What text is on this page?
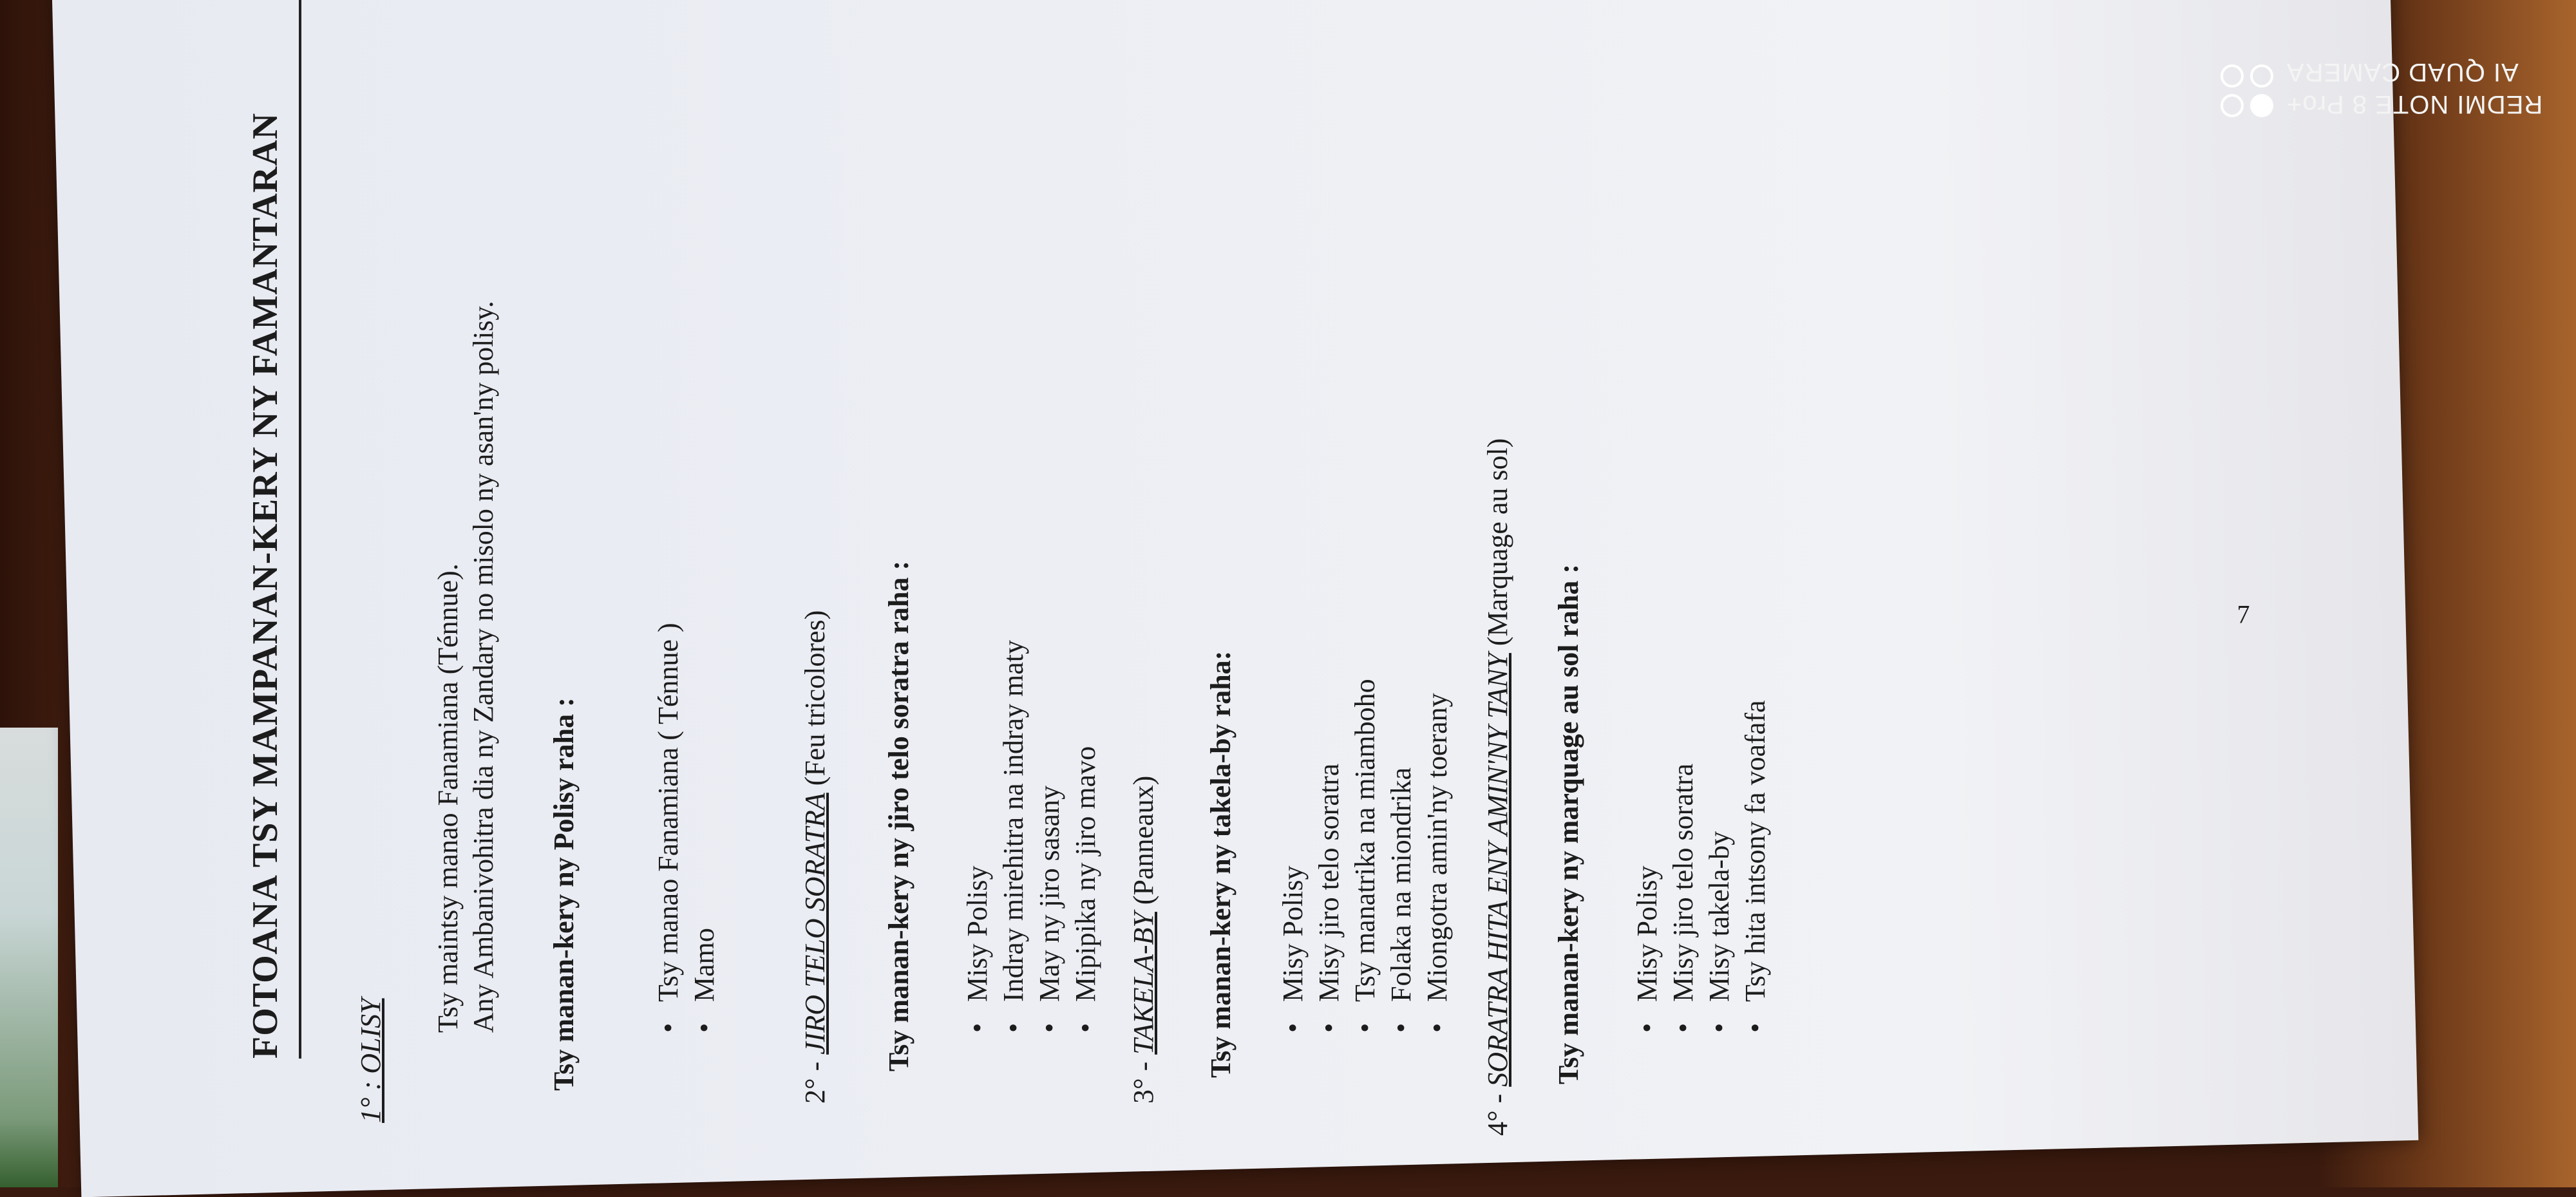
FOTOANA TSY MAMPANAN-KERY NY FAMANTARAN
1° : OLISY
Tsy maintsy manao Fanamiana (Ténnue). Any Ambanivohitra dia ny Zandary no misolo ny asan'ny polisy. Tsy manan-kery ny Polisy raha :	• Tsy manao Fanamiana ( Ténnue ) • Mamo
2° - JIRO TELO SORATRA (Feu tricolores) Tsy manan-kery ny jiro telo soratra raha : • Misy Polisy • Indray mirehitra na indray maty • May ny jiro sasany • Mipipika ny jiro mavo
3° - TAKELA-BY (Panneaux) Tsy manan-kery ny takela-by raha: • Misy Polisy • Misy jiro telo soratra • Tsy manatrika na miamboho • Folaka na miondrika • Miongotra amin'ny toerany
4° - SORATRA HITA ENY AMIN'NY TANY (Marquage au sol)
Tsy manan-kery ny marquage au sol raha : • Misy Polisy • Misy jiro telo soratra • Misy takela-by • Tsy hita intsony fa voafafa
7
REDMI NOTE 8 Pro+
AI QUAD CAMERA
